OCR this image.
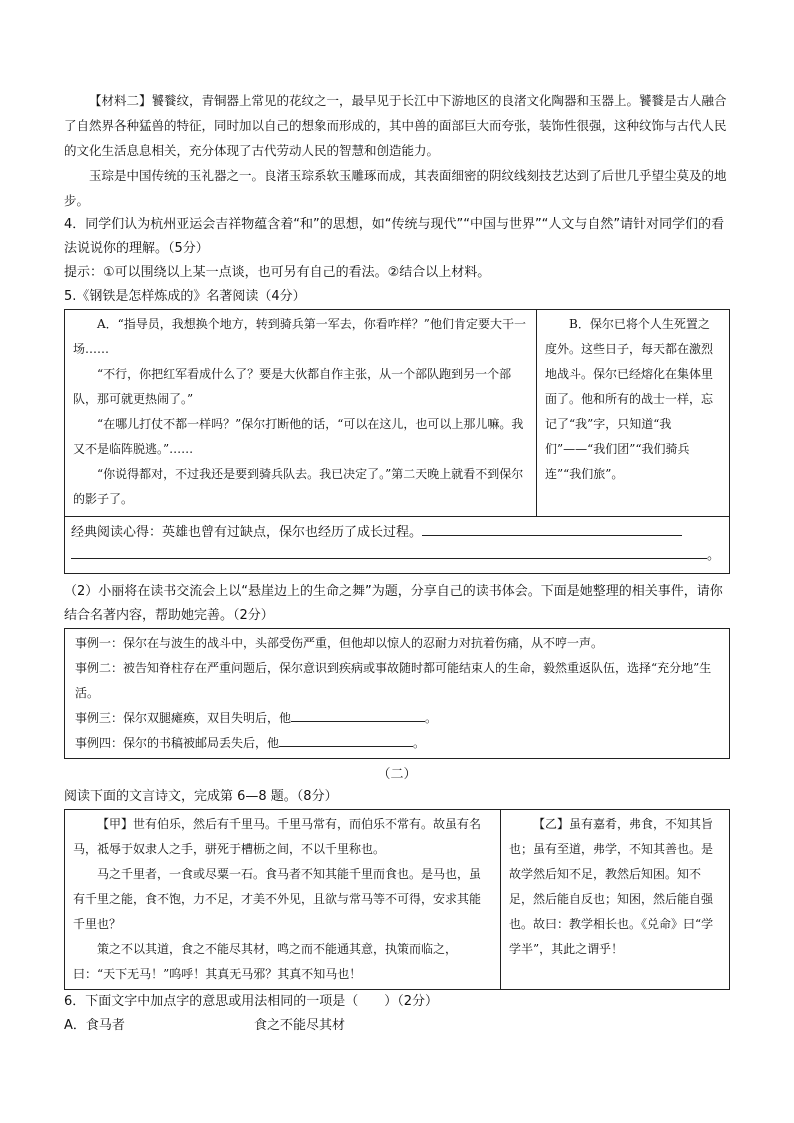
【材料二】饕餮纹，青铜器上常见的花纹之一，最早见于长江中下游地区的良渚文化陶器和玉器上。饕餮是古人融合了自然界各种猛兽的特征，同时加以自己的想象而形成的，其中兽的面部巨大而夸张，装饰性很强，这种纹饰与古代人民的文化生活息息相关，充分体现了古代劳动人民的智慧和创造能力。

玉琮是中国传统的玉礼器之一。良渚玉琮系软玉雕琢而成，其表面细密的阴纹线刻技艺达到了后世几乎望尘莫及的地步。

4．同学们认为杭州亚运会吉祥物蕴含着“和”的思想，如“传统与现代”“中国与世界”“人文与自然”请针对同学们的看法说说你的理解。（5分）

提示：①可以围绕以上某一点谈，也可另有自己的看法。②结合以上材料。

5.《钢铁是怎样炼成的》名著阅读（4分）

A．“指导员，我想换个地方，转到骑兵第一军去，你看咋样？”他们肯定要大干一场……

“不行，你把红军看成什么了？要是大伙都自作主张，从一个部队跑到另一个部队，那可就更热闹了。”

“在哪儿打仗不都一样吗？”保尔打断他的话，“可以在这儿，也可以上那儿嘛。我又不是临阵脱逃。”……

“你说得都对，不过我还是要到骑兵队去。我已决定了。”第二天晚上就看不到保尔的影子了。

B．保尔已将个人生死置之度外。这些日子，每天都在激烈地战斗。保尔已经熔化在集体里面了。他和所有的战士一样，忘记了“我”字，只知道“我们”——“我们团”“我们骑兵连”“我们旅”。

经典阅读心得：英雄也曾有过缺点，保尔也经历了成长过程。
。

（2）小丽将在读书交流会上以“悬崖边上的生命之舞”为题，分享自己的读书体会。下面是她整理的相关事件，请你结合名著内容，帮助她完善。（2分）

事例一：保尔在与波生的战斗中，头部受伤严重，但他却以惊人的忍耐力对抗着伤痛，从不哼一声。

事例二：被告知脊柱存在严重问题后，保尔意识到疾病或事故随时都可能结束人的生命，毅然重返队伍，选择“充分地”生活。

事例三：保尔双腿瘫痪，双目失明后，他	。

事例四：保尔的书稿被邮局丢失后，他	。

（二）

阅读下面的文言诗文，完成第 6—8 题。（8分）

【甲】世有伯乐，然后有千里马。千里马常有，而伯乐不常有。故虽有名马，祗辱于奴隶人之手，骈死于槽枥之间，不以千里称也。

马之千里者，一食或尽粟一石。食马者不知其能千里而食也。是马也，虽有千里之能，食不饱，力不足，才美不外见，且欲与常马等不可得，安求其能千里也？

策之不以其道，食之不能尽其材，鸣之而不能通其意，执策而临之，曰：“天下无马！”呜呼！其真无马邪？其真不知马也！

【乙】虽有嘉肴，弗食，不知其旨也；虽有至道，弗学，不知其善也。是故学然后知不足，教然后知困。知不足，然后能自反也；知困，然后能自强也。故曰：教学相长也。《兑命》曰“学学半”，其此之谓乎！

6．下面文字中加点字的意思或用法相同的一项是（　　）（2分）

A．食马者	食之不能尽其材
